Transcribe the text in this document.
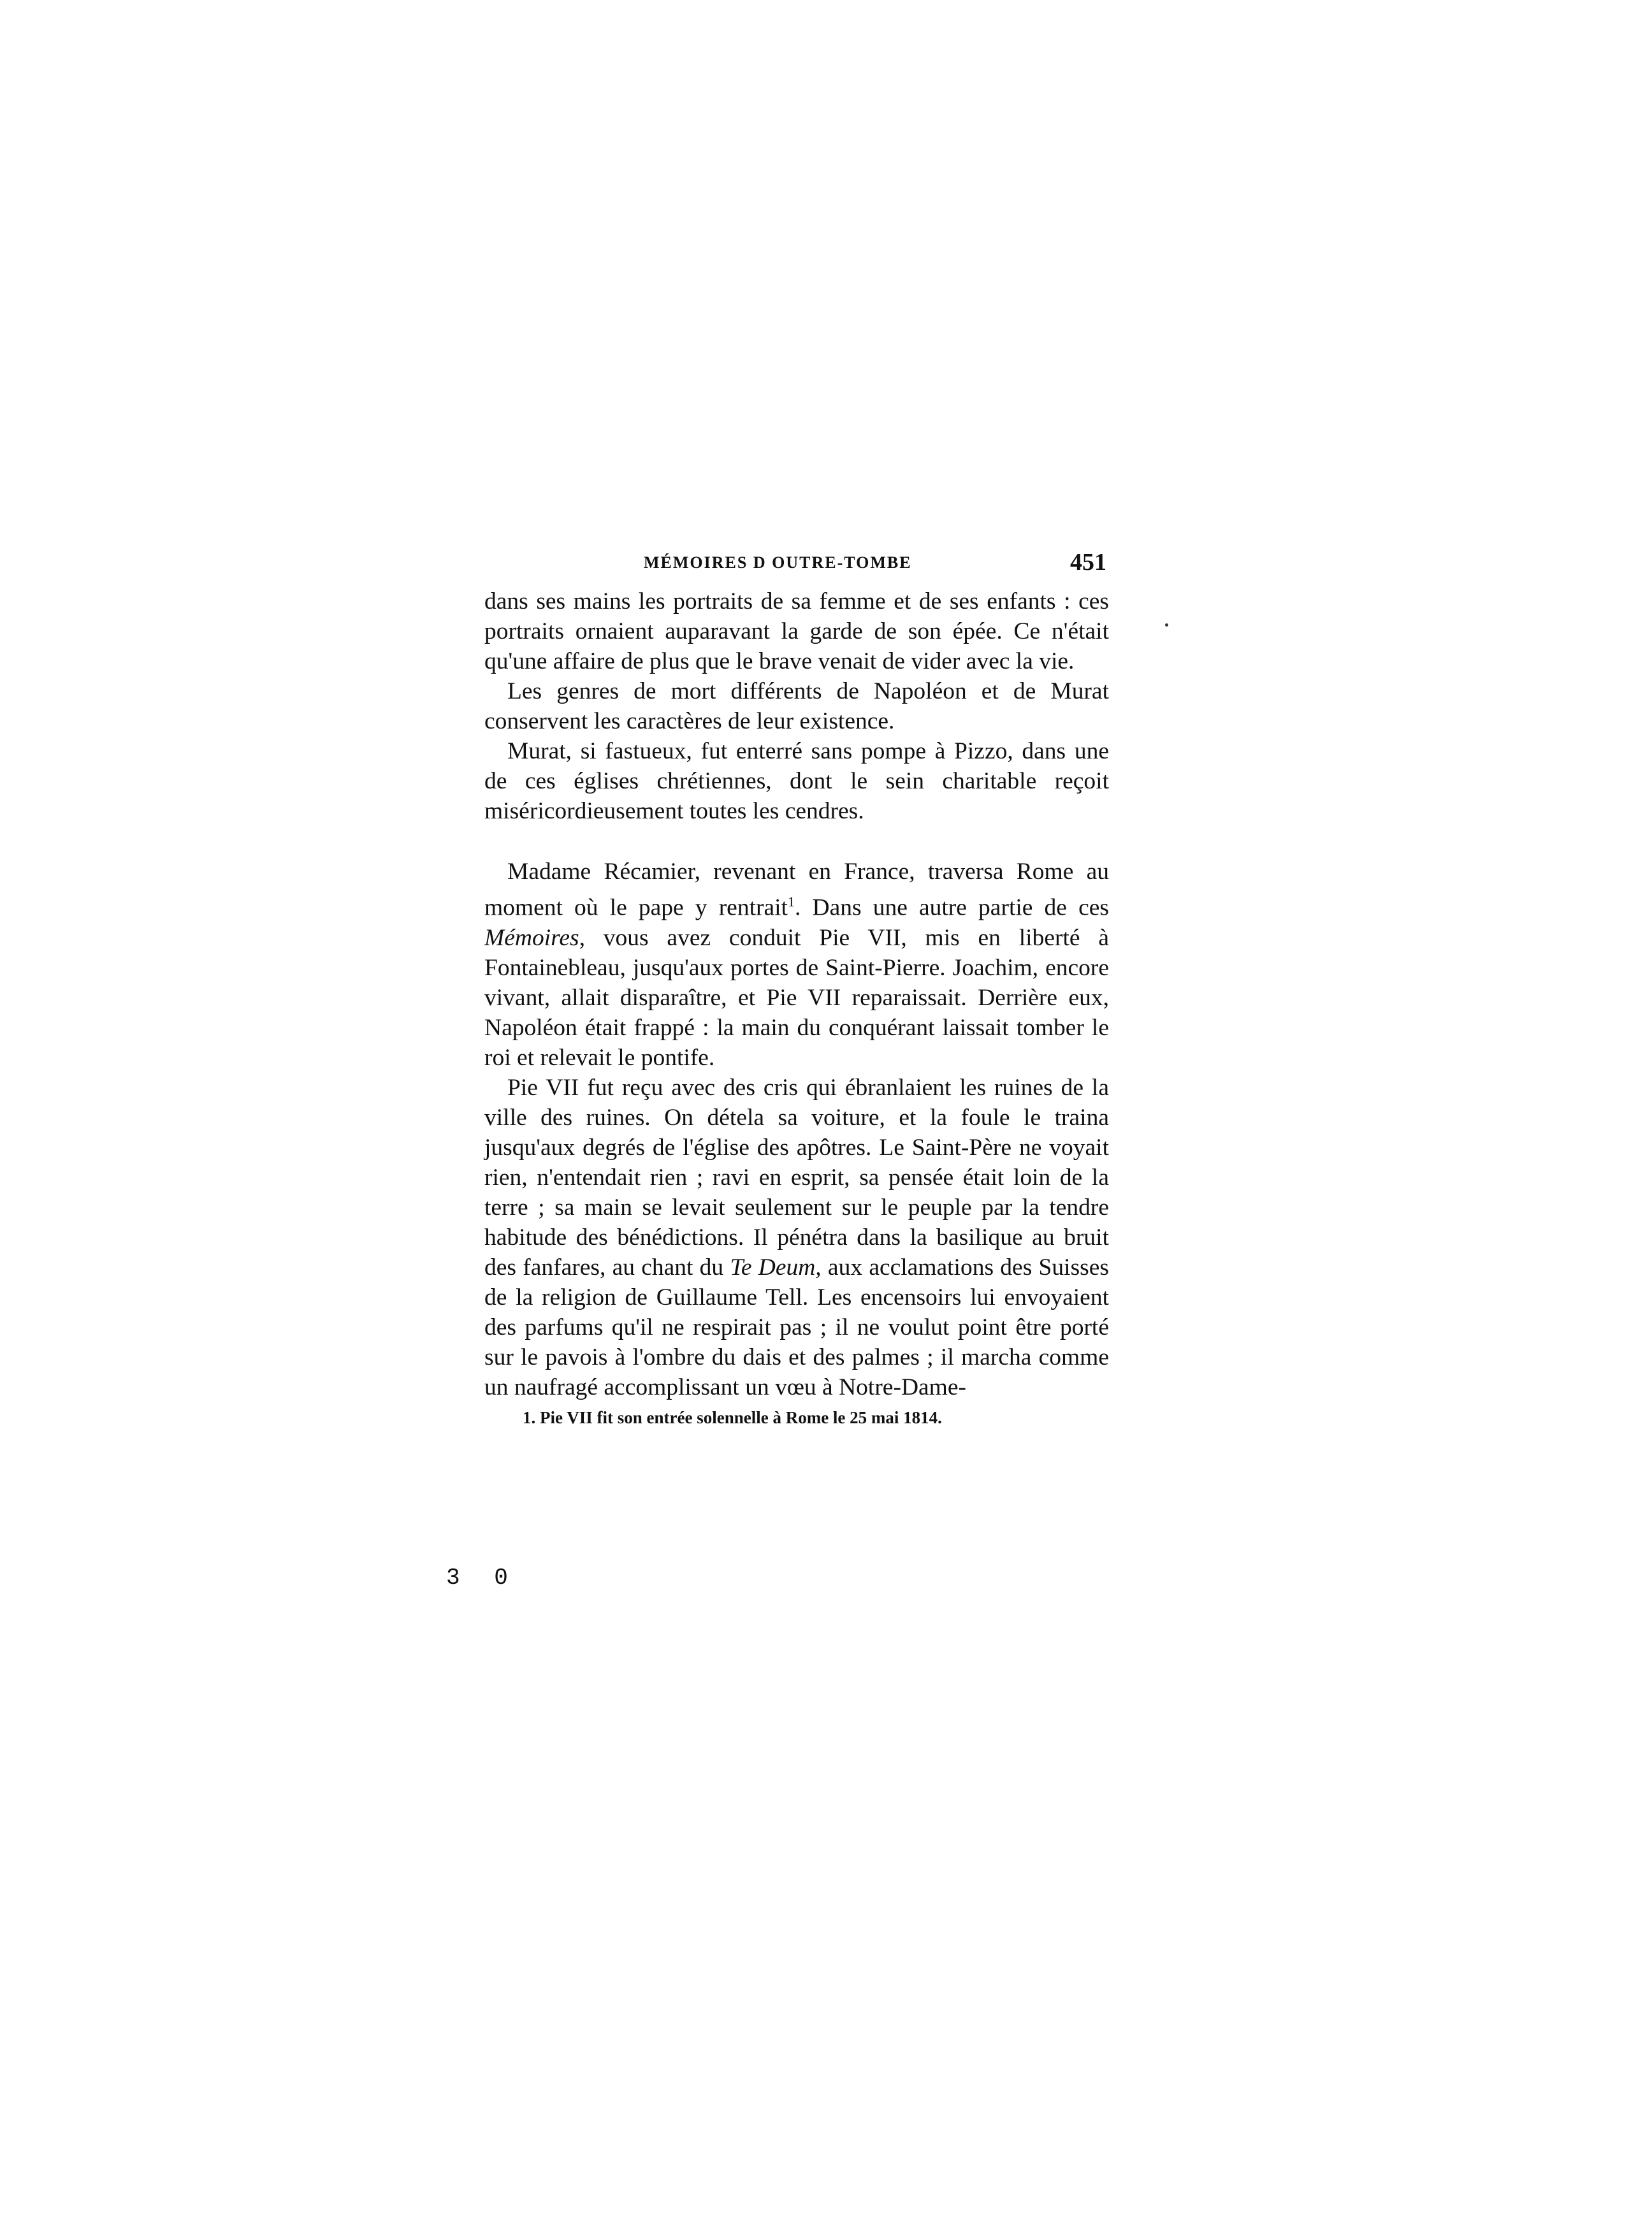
MÉMOIRES D OUTRE-TOMBE	451

dans ses mains les portraits de sa femme et de ses enfants : ces portraits ornaient auparavant la garde de son épée. Ce n'était qu'une affaire de plus que le brave venait de vider avec la vie.

Les genres de mort différents de Napoléon et de Murat conservent les caractères de leur existence.

Murat, si fastueux, fut enterré sans pompe à Pizzo, dans une de ces églises chrétiennes, dont le sein charitable reçoit miséricordieusement toutes les cendres.

Madame Récamier, revenant en France, traversa Rome au moment où le pape y rentrait$^1$. Dans une autre partie de ces Mémoires, vous avez conduit Pie VII, mis en liberté à Fontainebleau, jusqu'aux portes de Saint-Pierre. Joachim, encore vivant, allait disparaître, et Pie VII reparaissait. Derrière eux, Napoléon était frappé : la main du conquérant laissait tomber le roi et relevait le pontife.

Pie VII fut reçu avec des cris qui ébranlaient les ruines de la ville des ruines. On dételа sa voiture, et la foule le traina jusqu'aux degrés de l'église des apôtres. Le Saint-Père ne voyait rien, n'entendait rien ; ravi en esprit, sa pensée était loin de la terre ; sa main se levait seulement sur le peuple par la tendre habitude des bénédictions. Il pénétra dans la basilique au bruit des fanfares, au chant du Te Deum, aux acclamations des Suisses de la religion de Guillaume Tell. Les encensoirs lui envoyaient des parfums qu'il ne respirait pas ; il ne voulut point être porté sur le pavois à l'ombre du dais et des palmes ; il marcha comme un naufragé accomplissant un vœu à Notre-Dame-

1. Pie VII fit son entrée solennelle à Rome le 25 mai 1814.

3 0
